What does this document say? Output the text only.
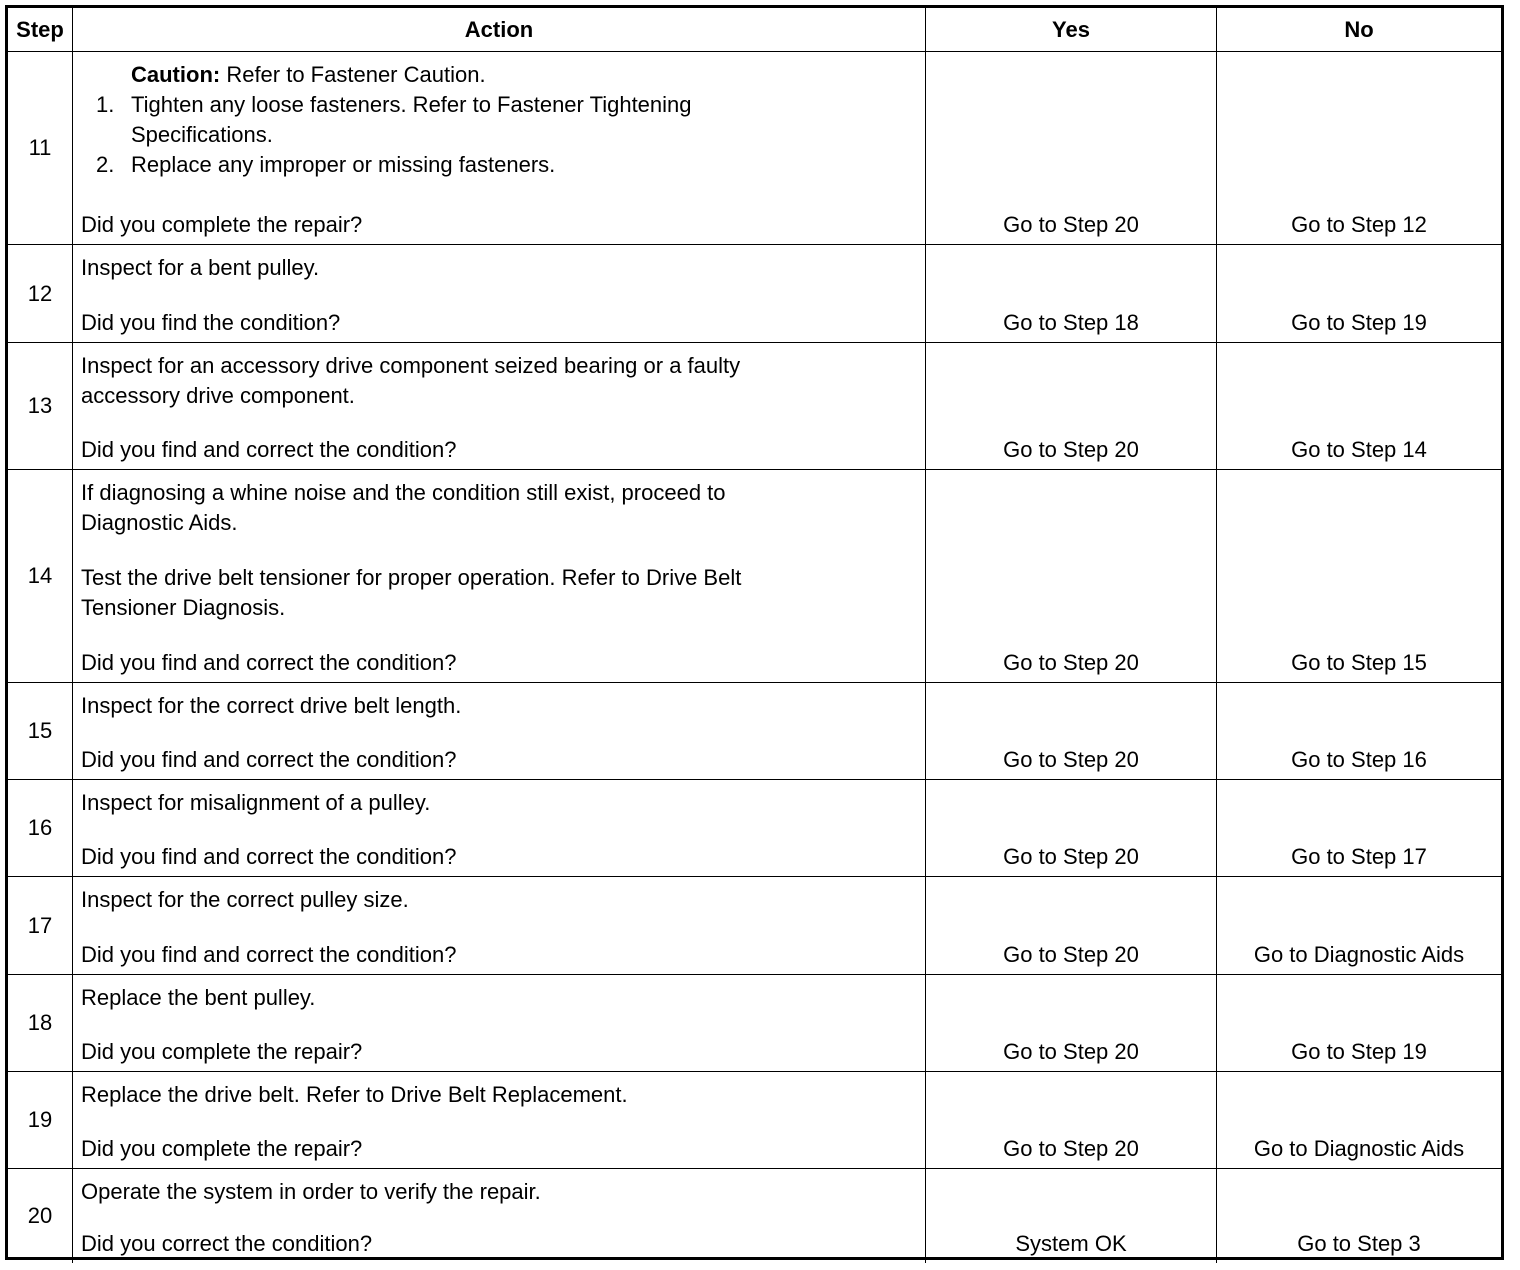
Step	Action	Yes	No
11
Caution: Refer to Fastener Caution.
1. Tighten any loose fasteners. Refer to Fastener Tightening
Specifications.
2. Replace any improper or missing fasteners.
Did you complete the repair?	Go to Step 20	Go to Step 12
12
Inspect for a bent pulley.
Did you find the condition?	Go to Step 18	Go to Step 19
13
Inspect for an accessory drive component seized bearing or a faulty
accessory drive component.
Did you find and correct the condition?	Go to Step 20	Go to Step 14
14
If diagnosing a whine noise and the condition still exist, proceed to
Diagnostic Aids.
Test the drive belt tensioner for proper operation. Refer to Drive Belt
Tensioner Diagnosis.
Did you find and correct the condition?	Go to Step 20	Go to Step 15
15
Inspect for the correct drive belt length.
Did you find and correct the condition?	Go to Step 20	Go to Step 16
16
Inspect for misalignment of a pulley.
Did you find and correct the condition?	Go to Step 20	Go to Step 17
17
Inspect for the correct pulley size.
Did you find and correct the condition?	Go to Step 20	Go to Diagnostic Aids
18
Replace the bent pulley.
Did you complete the repair?	Go to Step 20	Go to Step 19
19
Replace the drive belt. Refer to Drive Belt Replacement.
Did you complete the repair?	Go to Step 20	Go to Diagnostic Aids
20
Operate the system in order to verify the repair.
Did you correct the condition?	System OK	Go to Step 3
